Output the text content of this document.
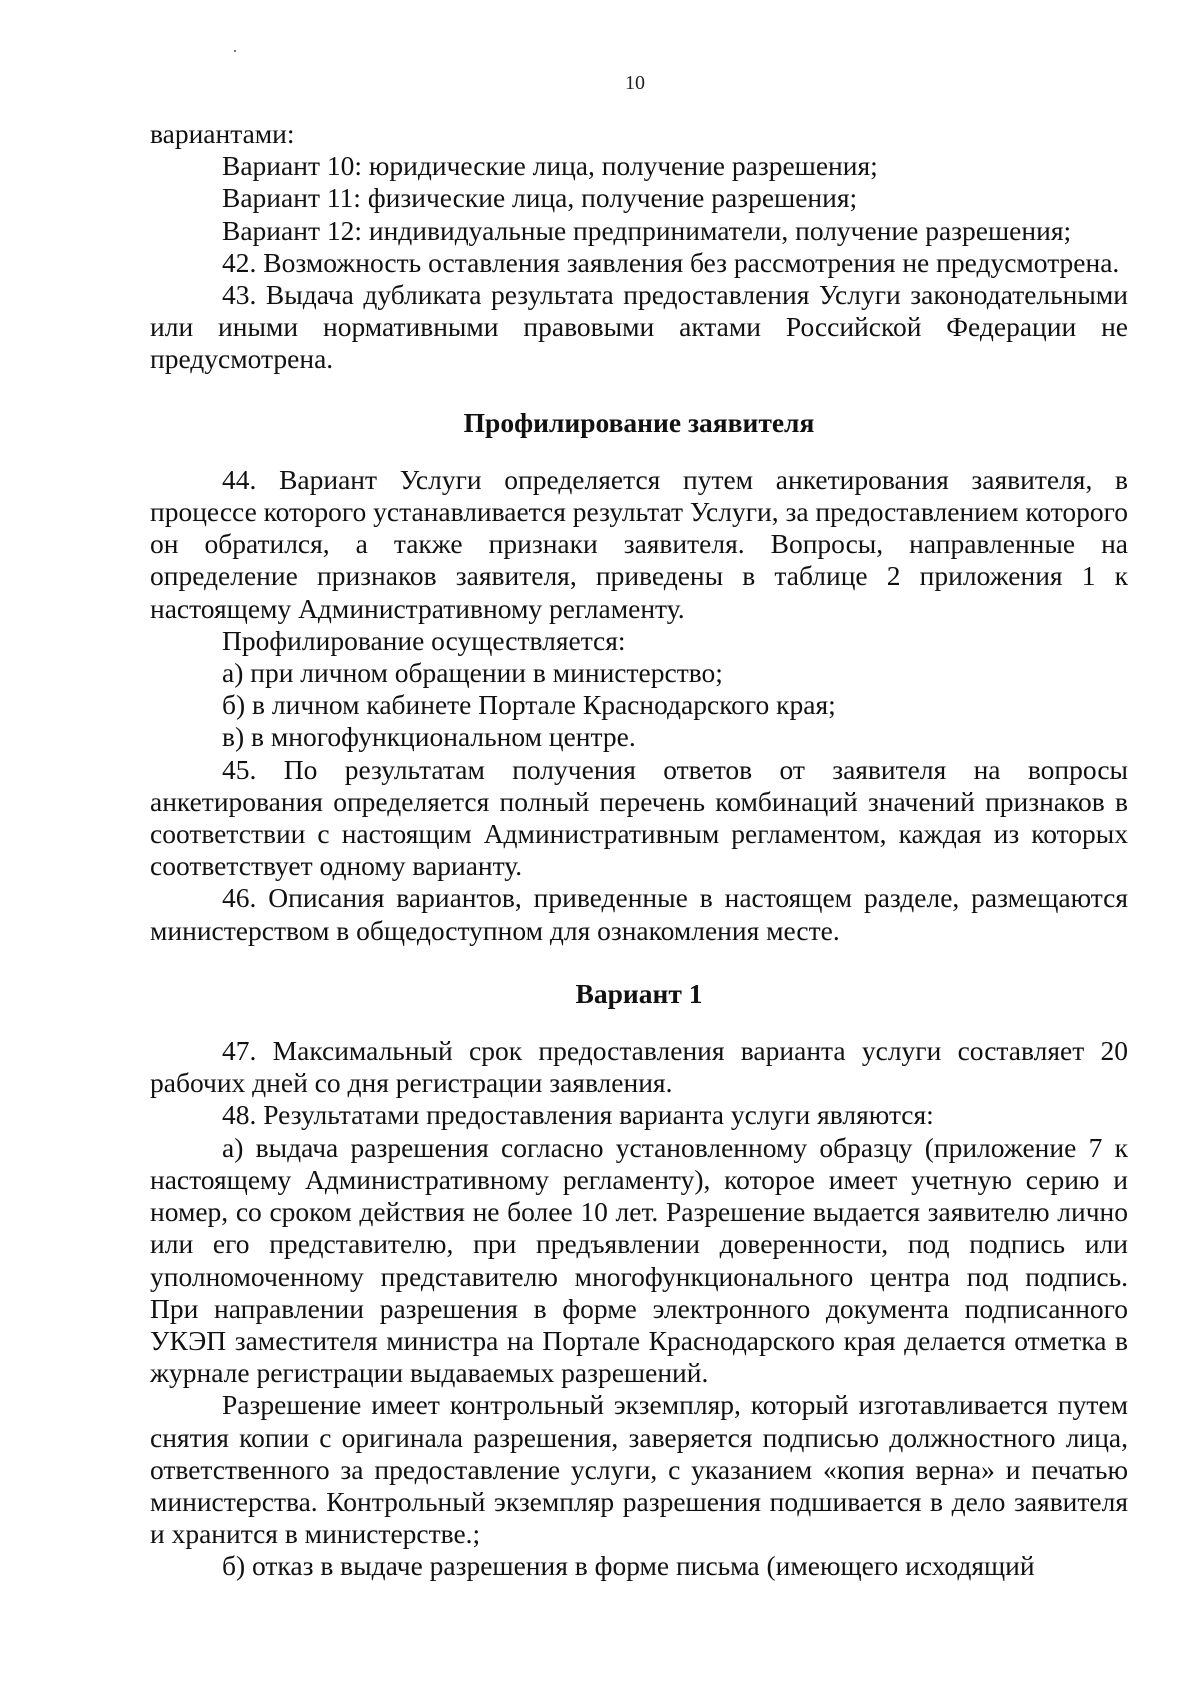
10

вариантами:

Вариант 10: юридические лица, получение разрешения;

Вариант 11: физические лица, получение разрешения;

Вариант 12: индивидуальные предприниматели, получение разрешения;

42. Возможность оставления заявления без рассмотрения не предусмотрена.

43. Выдача дубликата результата предоставления Услуги законодательными или иными нормативными правовыми актами Российской Федерации не предусмотрена.

Профилирование заявителя

44. Вариант Услуги определяется путем анкетирования заявителя, в процессе которого устанавливается результат Услуги, за предоставлением которого он обратился, а также признаки заявителя. Вопросы, направленные на определение признаков заявителя, приведены в таблице 2 приложения 1 к настоящему Административному регламенту.

Профилирование осуществляется:

а) при личном обращении в министерство;

б) в личном кабинете Портале Краснодарского края;

в) в многофункциональном центре.

45. По результатам получения ответов от заявителя на вопросы анкетирования определяется полный перечень комбинаций значений признаков в соответствии с настоящим Административным регламентом, каждая из которых соответствует одному варианту.

46. Описания вариантов, приведенные в настоящем разделе, размещаются министерством в общедоступном для ознакомления месте.

Вариант 1

47. Максимальный срок предоставления варианта услуги составляет 20 рабочих дней со дня регистрации заявления.

48. Результатами предоставления варианта услуги являются:

а) выдача разрешения согласно установленному образцу (приложение 7 к настоящему Административному регламенту), которое имеет учетную серию и номер, со сроком действия не более 10 лет. Разрешение выдается заявителю лично или его представителю, при предъявлении доверенности, под подпись или уполномоченному представителю многофункционального центра под подпись. При направлении разрешения в форме электронного документа подписанного УКЭП заместителя министра на Портале Краснодарского края делается отметка в журнале регистрации выдаваемых разрешений.

Разрешение имеет контрольный экземпляр, который изготавливается путем снятия копии с оригинала разрешения, заверяется подписью должностного лица, ответственного за предоставление услуги, с указанием «копия верна» и печатью министерства. Контрольный экземпляр разрешения подшивается в дело заявителя и хранится в министерстве.;

б) отказ в выдаче разрешения в форме письма (имеющего исходящий
